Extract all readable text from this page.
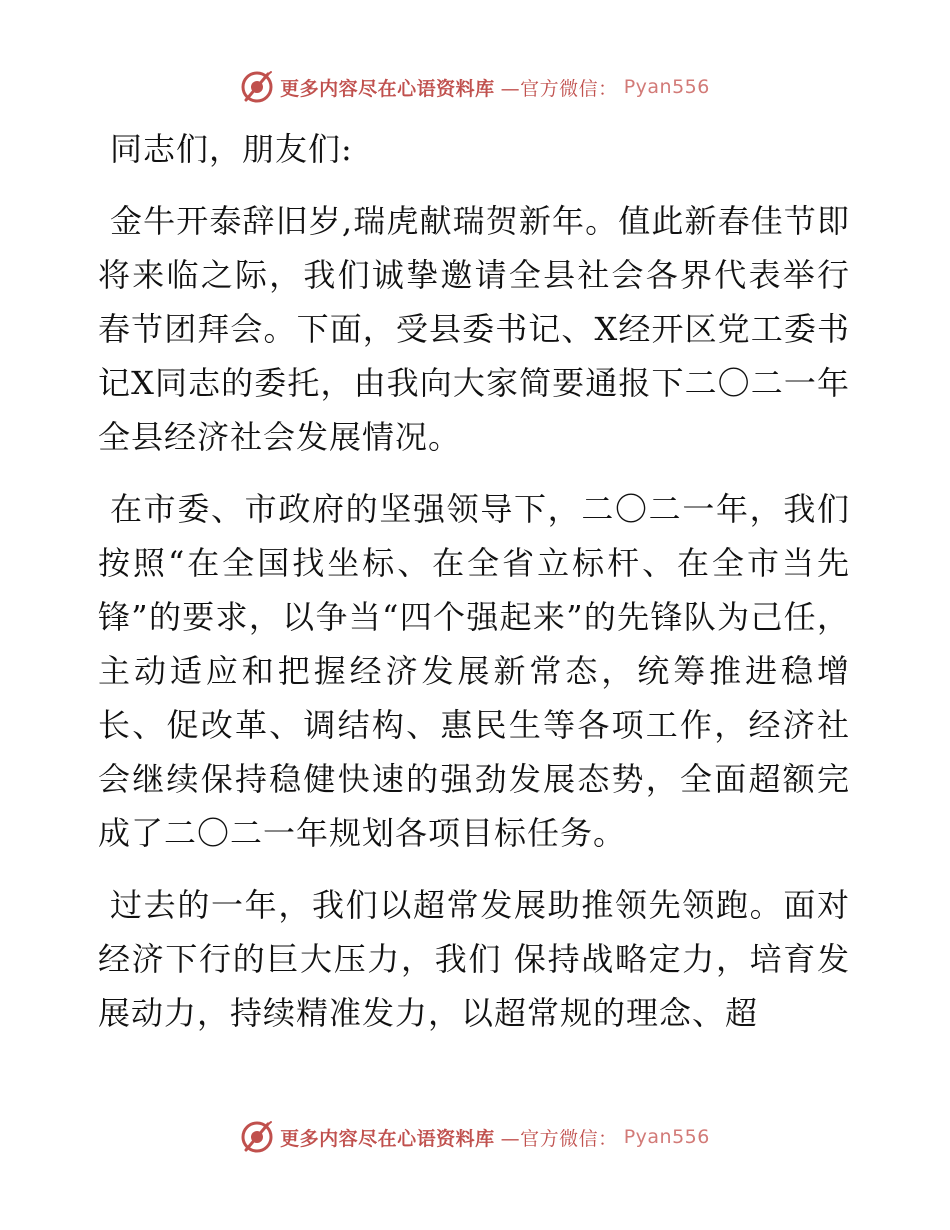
更多内容尽在心语资料库 —官方微信： Pyan556

同志们，朋友们:

金牛开泰辞旧岁,瑞虎献瑞贺新年。值此新春佳节即将来临之际，我们诚挚邀请全县社会各界代表举行春节团拜会。下面，受县委书记、X经开区党工委书记X同志的委托，由我向大家简要通报下二〇二一年全县经济社会发展情况。

在市委、市政府的坚强领导下，二〇二一年，我们按照“在全国找坐标、在全省立标杆、在全市当先锋”的要求，以争当“四个强起来”的先锋队为己任，主动适应和把握经济发展新常态，统筹推进稳增长、促改革、调结构、惠民生等各项工作，经济社会继续保持稳健快速的强劲发展态势，全面超额完成了二〇二一年规划各项目标任务。

过去的一年，我们以超常发展助推领先领跑。面对经济下行的巨大压力，我们 保持战略定力，培育发展动力，持续精准发力，以超常规的理念、超

更多内容尽在心语资料库 —官方微信： Pyan556
